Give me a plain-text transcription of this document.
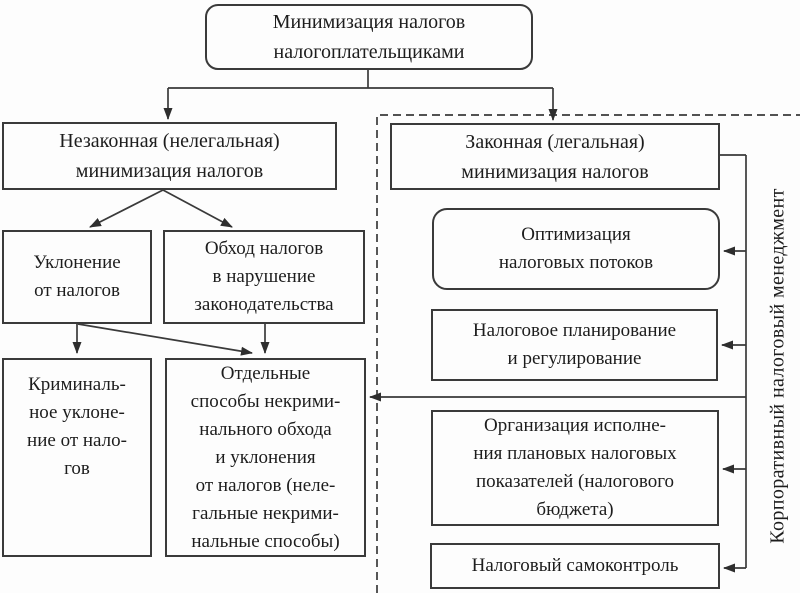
Минимизация налогов
налогоплательщиками
Незаконная (нелегальная)
минимизация налогов
Уклонение
от налогов
Обход налогов
в нарушение
законодательства
Криминаль-
ное уклоне-
ние от нало-
гов
Отдельные
способы некрими-
нального обхода
и уклонения
от налогов (неле-
гальные некрими-
нальные способы)
Законная (легальная)
минимизация налогов
Оптимизация
налоговых потоков
Налоговое планирование
и регулирование
Организация исполне-
ния плановых налоговых
показателей (налогового
бюджета)
Налоговый самоконтроль
Корпоративный налоговый менеджмент
